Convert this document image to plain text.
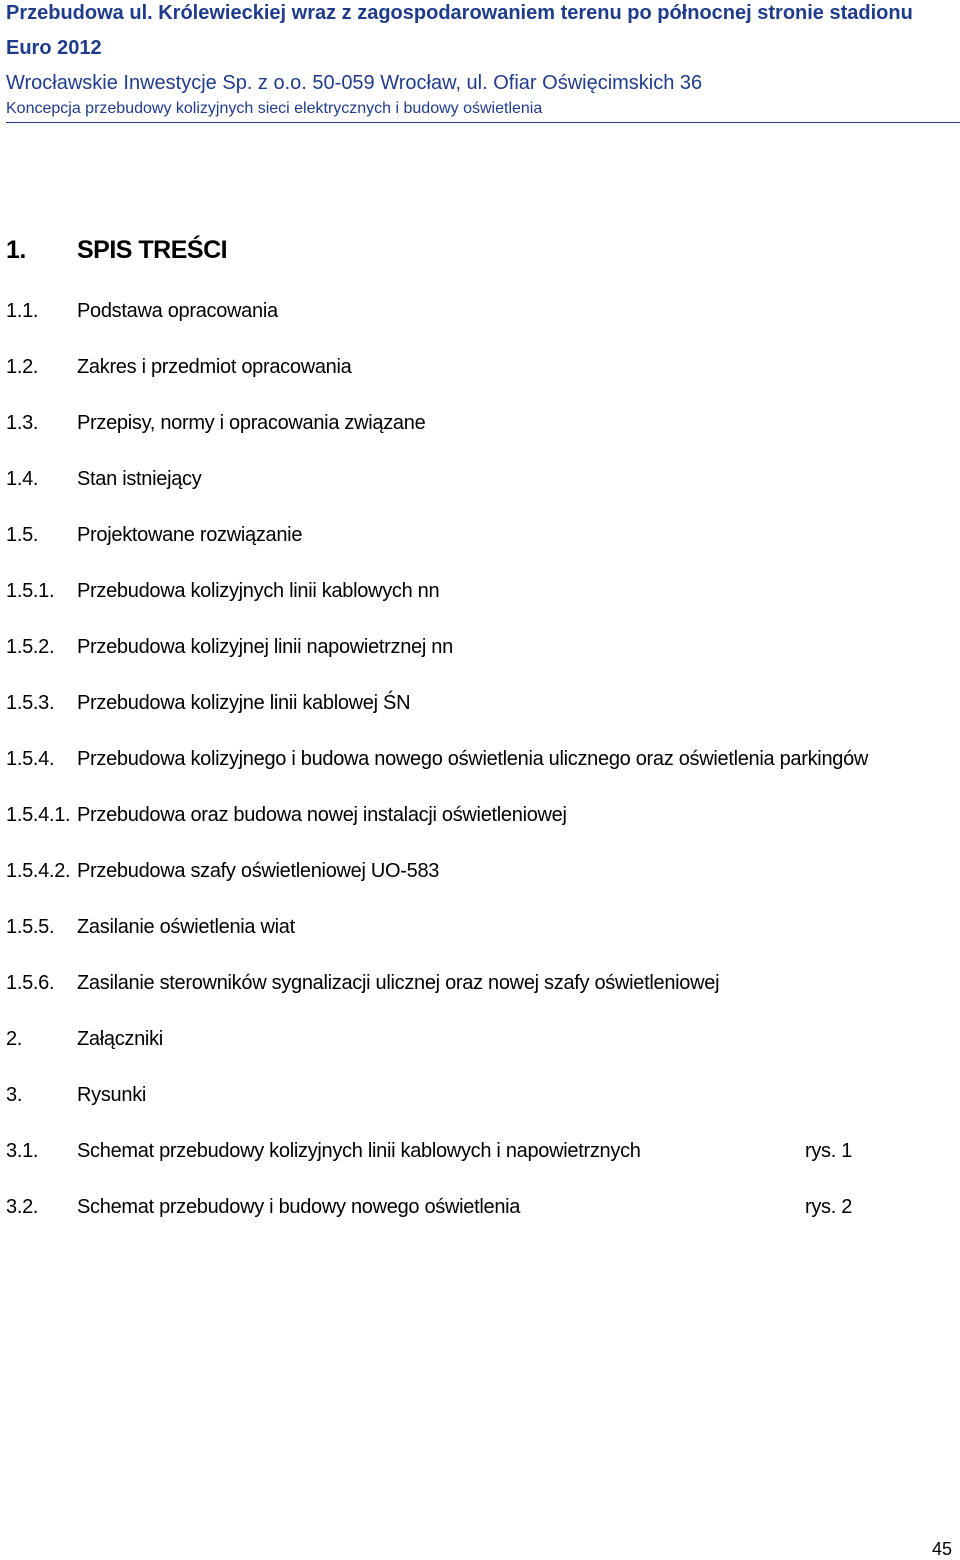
Przebudowa ul. Królewieckiej wraz z zagospodarowaniem terenu po północnej stronie stadionu
Euro 2012
Wrocławskie Inwestycje Sp. z o.o. 50-059 Wrocław, ul. Ofiar Oświęcimskich 36
Koncepcja przebudowy kolizyjnych sieci elektrycznych i budowy oświetlenia
1. SPIS TREŚCI
1.1. Podstawa opracowania
1.2. Zakres i przedmiot opracowania
1.3. Przepisy, normy i opracowania związane
1.4. Stan istniejący
1.5. Projektowane rozwiązanie
1.5.1. Przebudowa kolizyjnych linii kablowych nn
1.5.2. Przebudowa kolizyjnej linii napowietrznej nn
1.5.3. Przebudowa kolizyjne linii kablowej ŚN
1.5.4. Przebudowa kolizyjnego i budowa nowego oświetlenia ulicznego oraz oświetlenia parkingów
1.5.4.1. Przebudowa oraz budowa nowej instalacji oświetleniowej
1.5.4.2. Przebudowa szafy oświetleniowej UO-583
1.5.5. Zasilanie oświetlenia wiat
1.5.6. Zasilanie sterowników sygnalizacji ulicznej oraz nowej szafy oświetleniowej
2.	Załączniki
3.	Rysunki
3.1. Schemat przebudowy kolizyjnych linii kablowych i napowietrznych	rys. 1
3.2. Schemat przebudowy i budowy nowego oświetlenia	rys. 2
45
